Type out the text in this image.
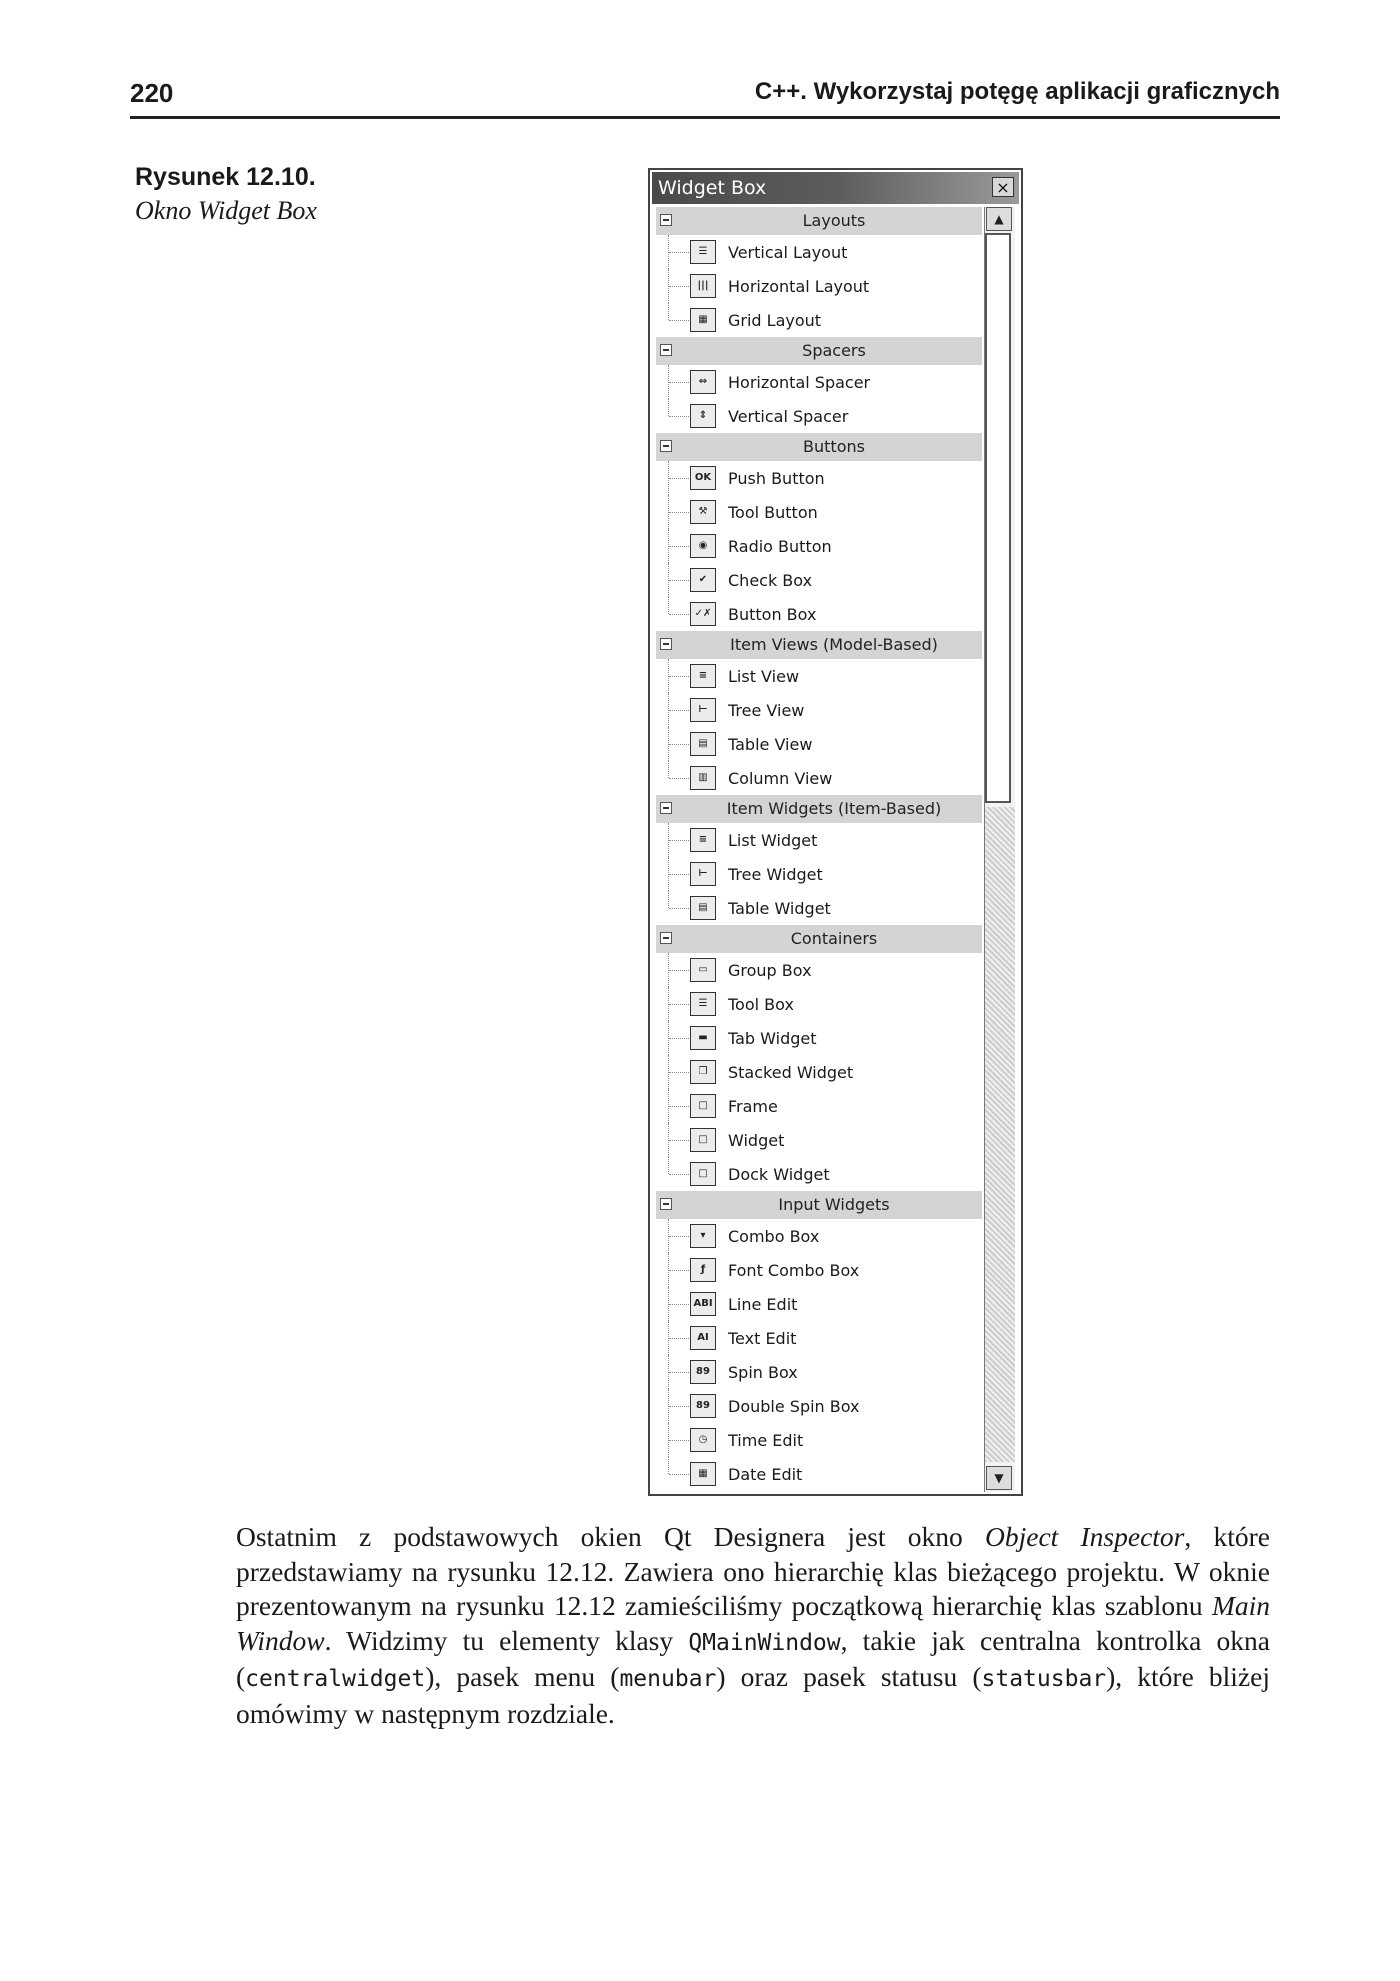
220	C++. Wykorzystaj potęgę aplikacji graficznych
Rysunek 12.10.
Okno Widget Box
Widget Box	×
Layouts
☰	Vertical Layout
|||	Horizontal Layout
▦	Grid Layout
Spacers
⇔	Horizontal Spacer
⇕	Vertical Spacer
Buttons
OK	Push Button
⚒	Tool Button
◉	Radio Button
✔	Check Box
✓✗ Button Box
Item Views (Model-Based)
≡	List View
⊢	Tree View
▤	Table View
▥	Column View
Item Widgets (Item-Based)
≡	List Widget
⊢	Tree Widget
▤	Table Widget
Containers
▭	Group Box
☰	Tool Box
▬	Tab Widget
❐	Stacked Widget
□	Frame
□	Widget
□	Dock Widget
Input Widgets
▾	Combo Box
ƒ	Font Combo Box
ABI Line Edit
AI	Text Edit
89	Spin Box
89	Double Spin Box
◷	Time Edit
▦	Date Edit
▲
▼

Ostatnim z podstawowych okien Qt Designera jest okno Object Inspector, które przedstawiamy na rysunku 12.12. Zawiera ono hierarchię klas bieżącego projektu. W oknie prezentowanym na rysunku 12.12 zamieściliśmy początkową hierarchię klas szablonu Main Window. Widzimy tu elementy klasy QMainWindow, takie jak centralna kontrolka okna (centralwidget), pasek menu (menubar) oraz pasek statusu (statusbar), które bliżej omówimy w następnym rozdziale.
